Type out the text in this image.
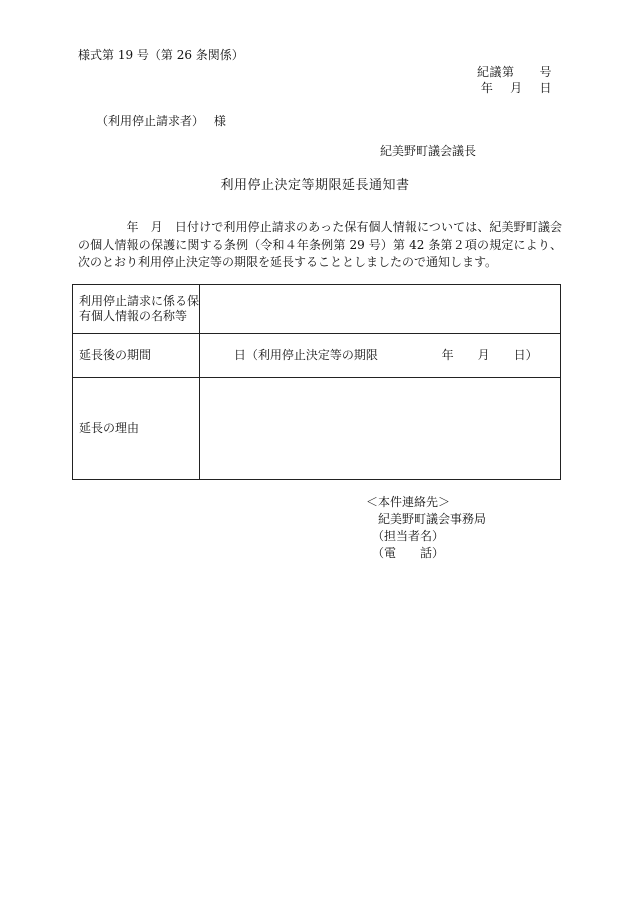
様式第 19 号（第 26 条関係）
紀議第　　号
年　 月　 日
（利用停止請求者）　 様
紀美野町議会議長
利用停止決定等期限延長通知書
　　　　年　月　日付けで利用停止請求のあった保有個人情報については、紀美野町議会の個人情報の保護に関する条例（令和４年条例第 29 号）第 42 条第２項の規定により、次のとおり利用停止決定等の期限を延長することとしましたので通知します。
利用停止請求に係る保有個人情報の名称等	
延長後の期間	　　 日（利用停止決定等の期限　　　　　 年　　月　　日）
延長の理由	
＜本件連絡先＞
　紀美野町議会事務局
　（担当者名）
　（電　　話）
